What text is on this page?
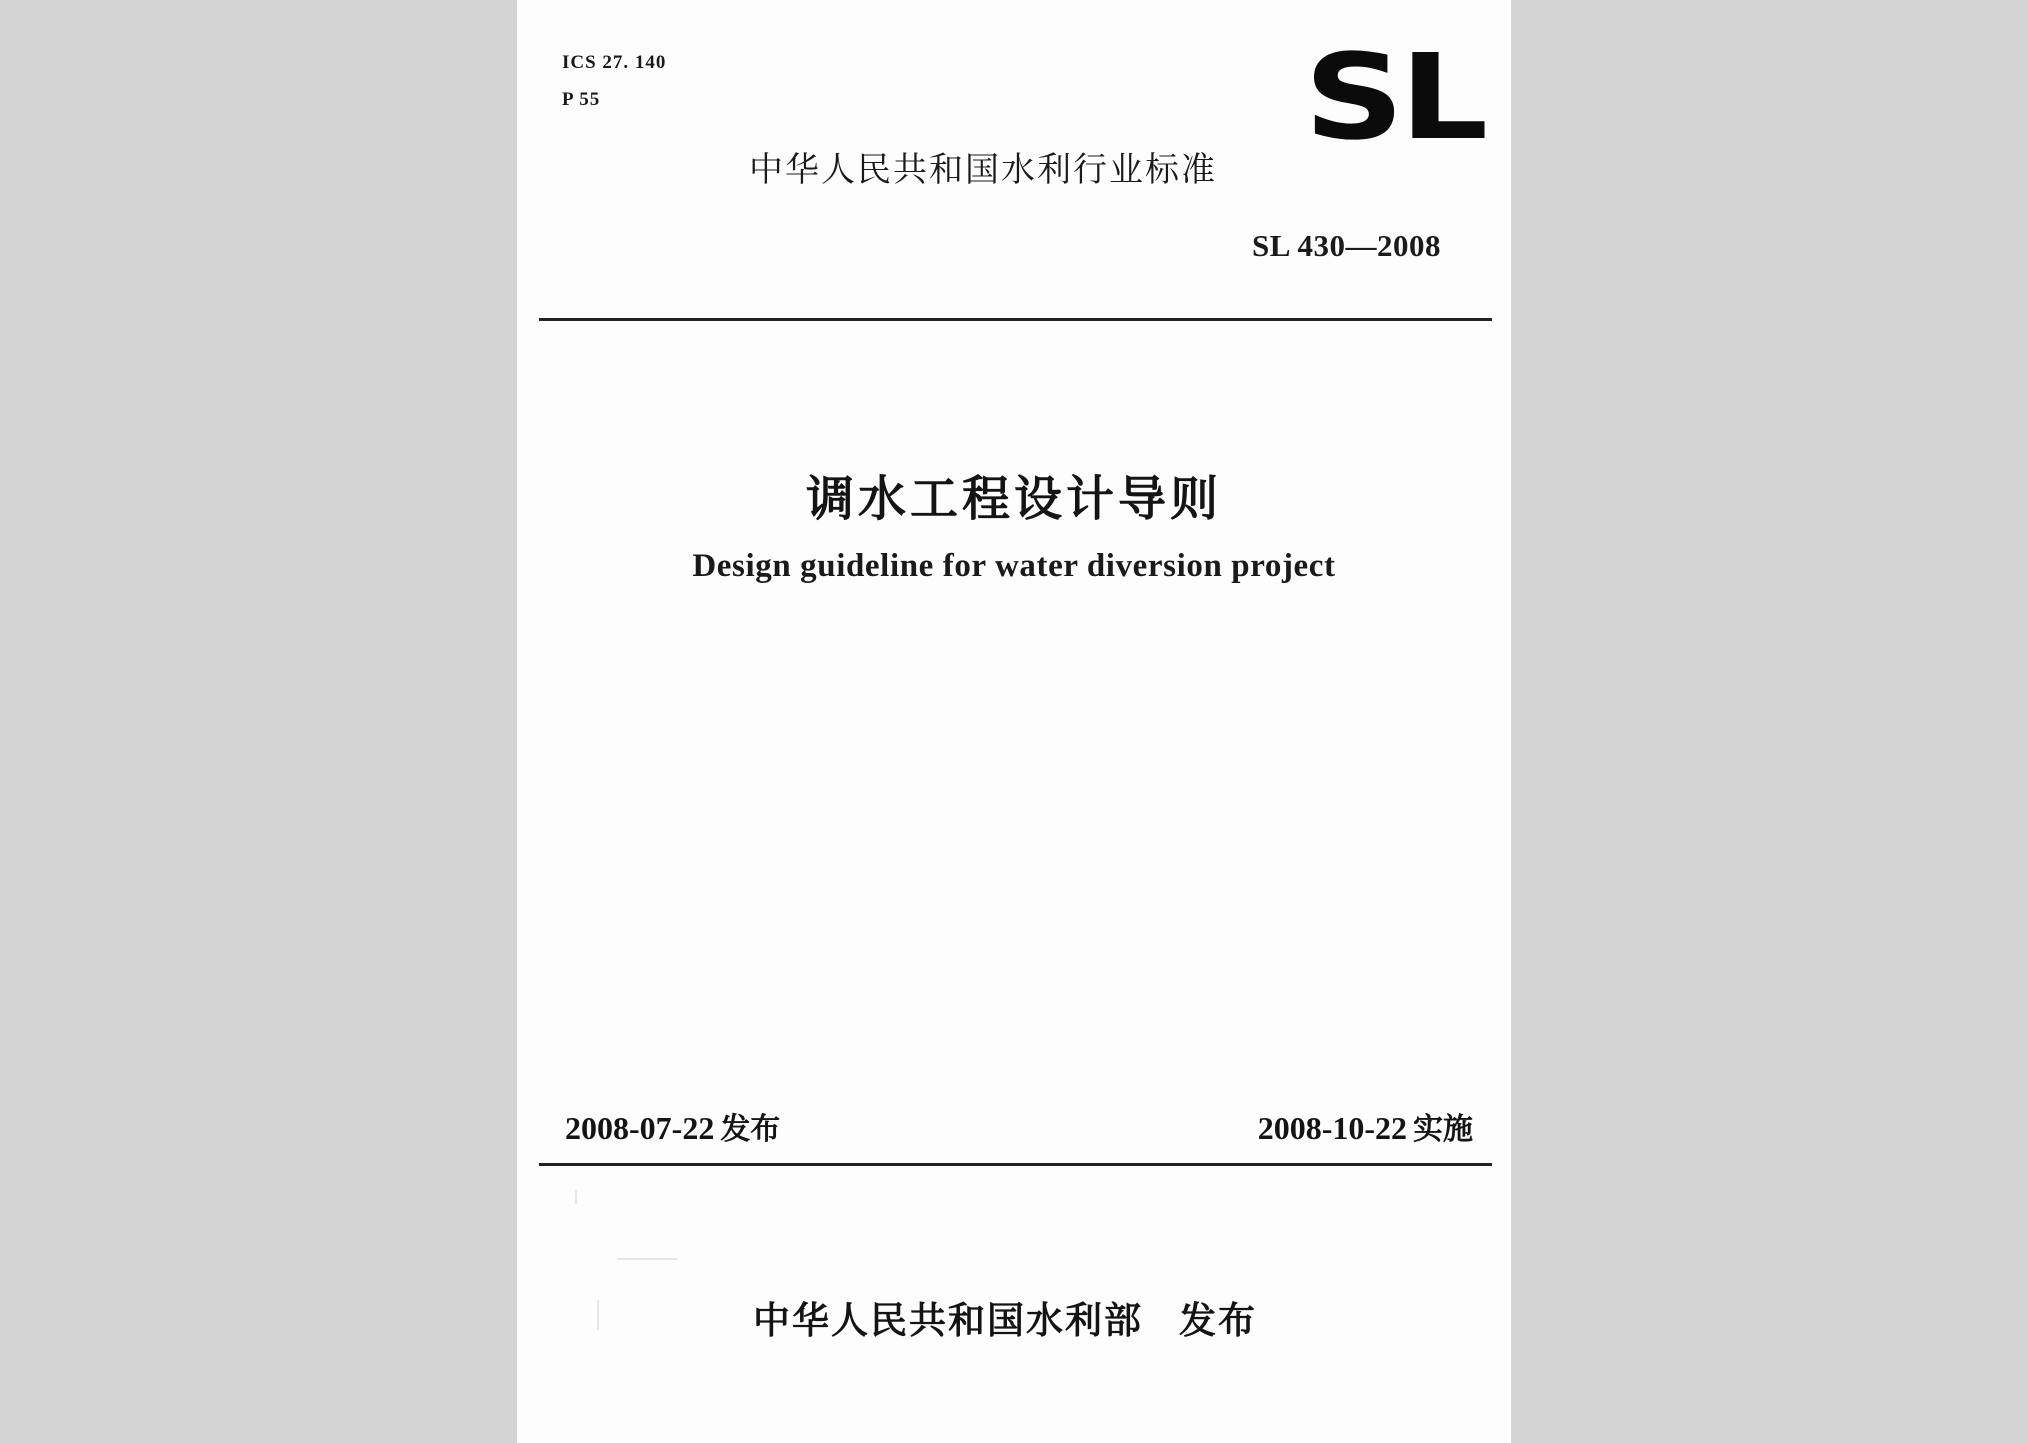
ICS 27. 140
P 55	SL
中华人民共和国水利行业标准
SL 430—2008
调水工程设计导则
Design guideline for water diversion project
2008-07-22 发布	2008-10-22 实施
中华人民共和国水利部 发布
